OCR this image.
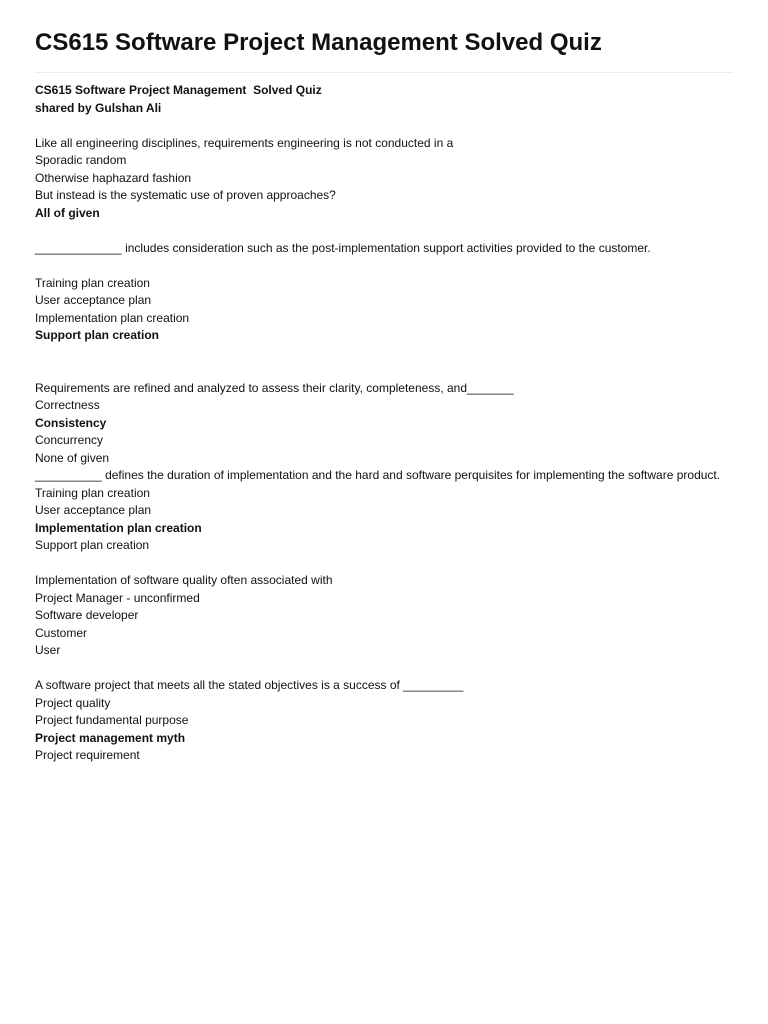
CS615 Software Project Management Solved Quiz
CS615 Software Project Management  Solved Quiz
shared by Gulshan Ali
Like all engineering disciplines, requirements engineering is not conducted in a
Sporadic random
Otherwise haphazard fashion
But instead is the systematic use of proven approaches?
All of given
_____________ includes consideration such as the post-implementation support activities provided to the customer.
Training plan creation
User acceptance plan
Implementation plan creation
Support plan creation
Requirements are refined and analyzed to assess their clarity, completeness, and_______
Correctness
Consistency
Concurrency
None of given
__________ defines the duration of implementation and the hard and software perquisites for implementing the software product.
Training plan creation
User acceptance plan
Implementation plan creation
Support plan creation
Implementation of software quality often associated with
Project Manager - unconfirmed
Software developer
Customer
User
A software project that meets all the stated objectives is a success of _________
Project quality
Project fundamental purpose
Project management myth
Project requirement
